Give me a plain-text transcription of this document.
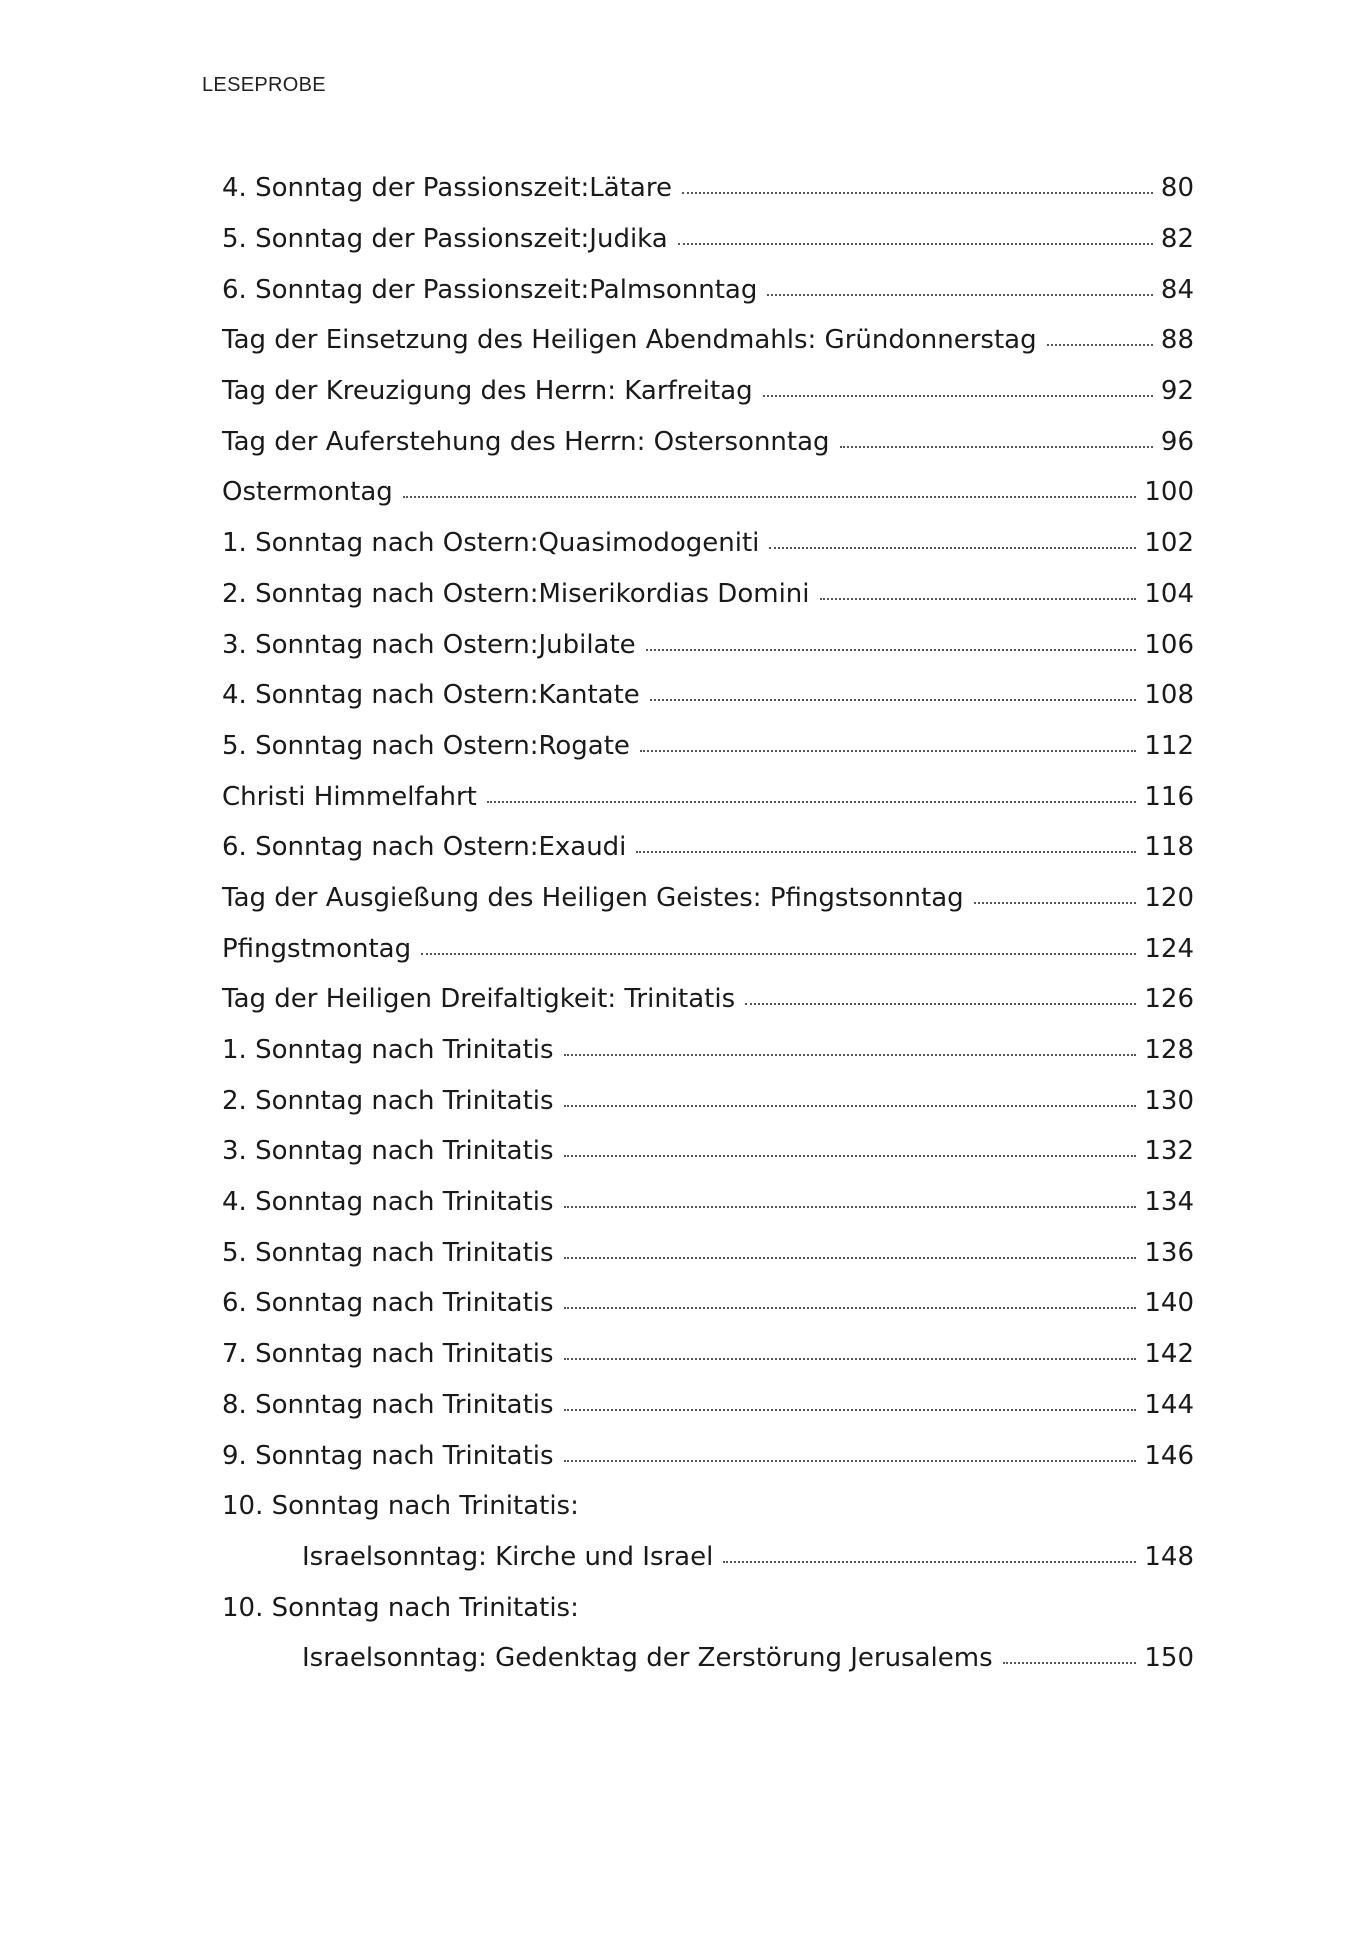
LESEPROBE
4. Sonntag der Passionszeit:Lätare	80
5. Sonntag der Passionszeit:Judika	82
6. Sonntag der Passionszeit:Palmsonntag	84
Tag der Einsetzung des Heiligen Abendmahls: Gründonnerstag	88
Tag der Kreuzigung des Herrn: Karfreitag	92
Tag der Auferstehung des Herrn: Ostersonntag	96
Ostermontag	100
1. Sonntag nach Ostern:Quasimodogeniti	102
2. Sonntag nach Ostern:Miserikordias Domini	104
3. Sonntag nach Ostern:Jubilate	106
4. Sonntag nach Ostern:Kantate	108
5. Sonntag nach Ostern:Rogate	112
Christi Himmelfahrt	116
6. Sonntag nach Ostern:Exaudi	118
Tag der Ausgießung des Heiligen Geistes: Pfingstsonntag	120
Pfingstmontag	124
Tag der Heiligen Dreifaltigkeit: Trinitatis	126
1. Sonntag nach Trinitatis	128
2. Sonntag nach Trinitatis	130
3. Sonntag nach Trinitatis	132
4. Sonntag nach Trinitatis	134
5. Sonntag nach Trinitatis	136
6. Sonntag nach Trinitatis	140
7. Sonntag nach Trinitatis	142
8. Sonntag nach Trinitatis	144
9. Sonntag nach Trinitatis	146
10. Sonntag nach Trinitatis:
Israelsonntag: Kirche und Israel	148
10. Sonntag nach Trinitatis:
Israelsonntag: Gedenktag der Zerstörung Jerusalems	150
